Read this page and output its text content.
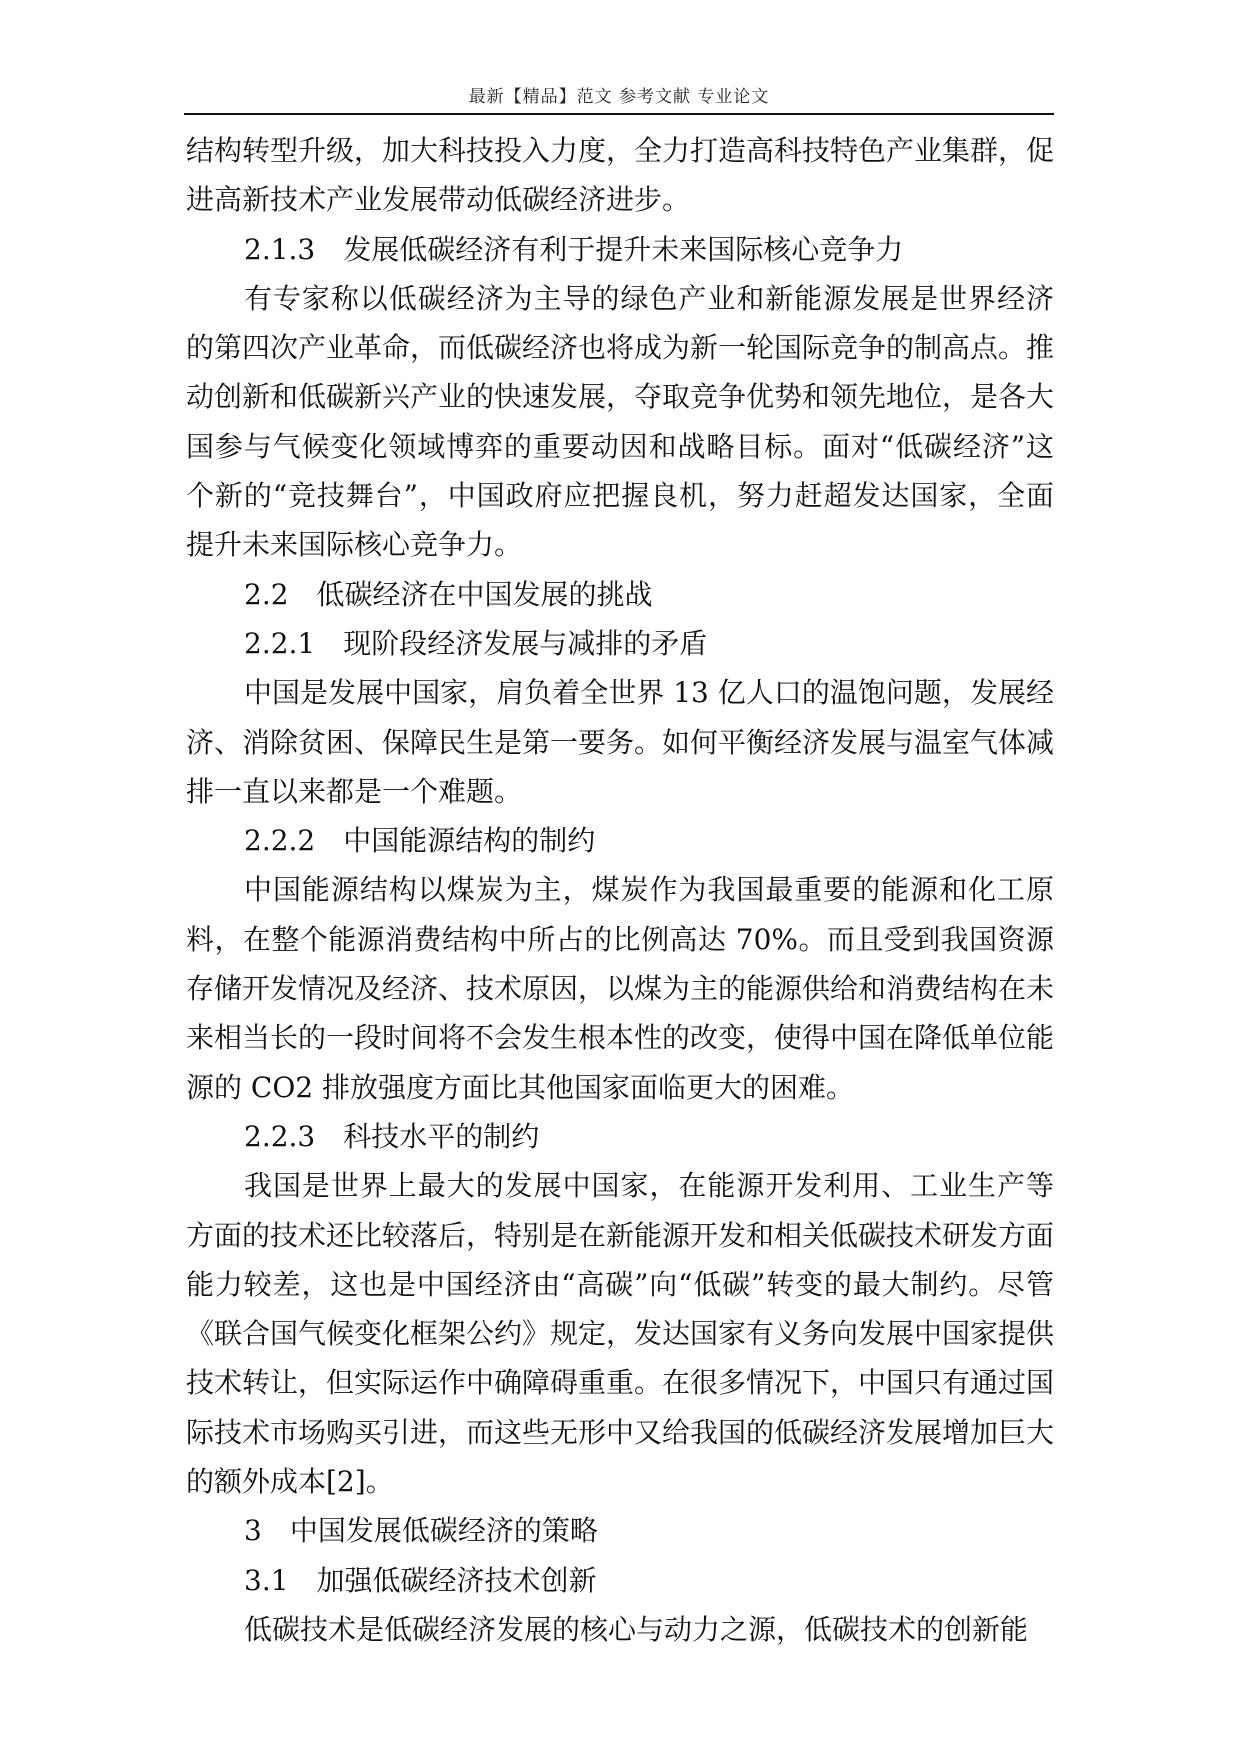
最新【精品】范文 参考文献 专业论文

结构转型升级，加大科技投入力度，全力打造高科技特色产业集群，促进高新技术产业发展带动低碳经济进步。

2.1.3　发展低碳经济有利于提升未来国际核心竞争力

有专家称以低碳经济为主导的绿色产业和新能源发展是世界经济的第四次产业革命，而低碳经济也将成为新一轮国际竞争的制高点。推动创新和低碳新兴产业的快速发展，夺取竞争优势和领先地位，是各大国参与气候变化领域博弈的重要动因和战略目标。面对“低碳经济”这个新的“竞技舞台”，中国政府应把握良机，努力赶超发达国家，全面提升未来国际核心竞争力。

2.2　低碳经济在中国发展的挑战

2.2.1　现阶段经济发展与减排的矛盾

中国是发展中国家，肩负着全世界 13 亿人口的温饱问题，发展经济、消除贫困、保障民生是第一要务。如何平衡经济发展与温室气体减排一直以来都是一个难题。

2.2.2　中国能源结构的制约

中国能源结构以煤炭为主，煤炭作为我国最重要的能源和化工原料，在整个能源消费结构中所占的比例高达 70%。而且受到我国资源存储开发情况及经济、技术原因，以煤为主的能源供给和消费结构在未来相当长的一段时间将不会发生根本性的改变，使得中国在降低单位能源的 CO2 排放强度方面比其他国家面临更大的困难。

2.2.3　科技水平的制约

我国是世界上最大的发展中国家，在能源开发利用、工业生产等方面的技术还比较落后，特别是在新能源开发和相关低碳技术研发方面能力较差，这也是中国经济由“高碳”向“低碳”转变的最大制约。尽管《联合国气候变化框架公约》规定，发达国家有义务向发展中国家提供技术转让，但实际运作中确障碍重重。在很多情况下，中国只有通过国际技术市场购买引进，而这些无形中又给我国的低碳经济发展增加巨大的额外成本[2]。

3　中国发展低碳经济的策略

3.1　加强低碳经济技术创新

低碳技术是低碳经济发展的核心与动力之源，低碳技术的创新能
